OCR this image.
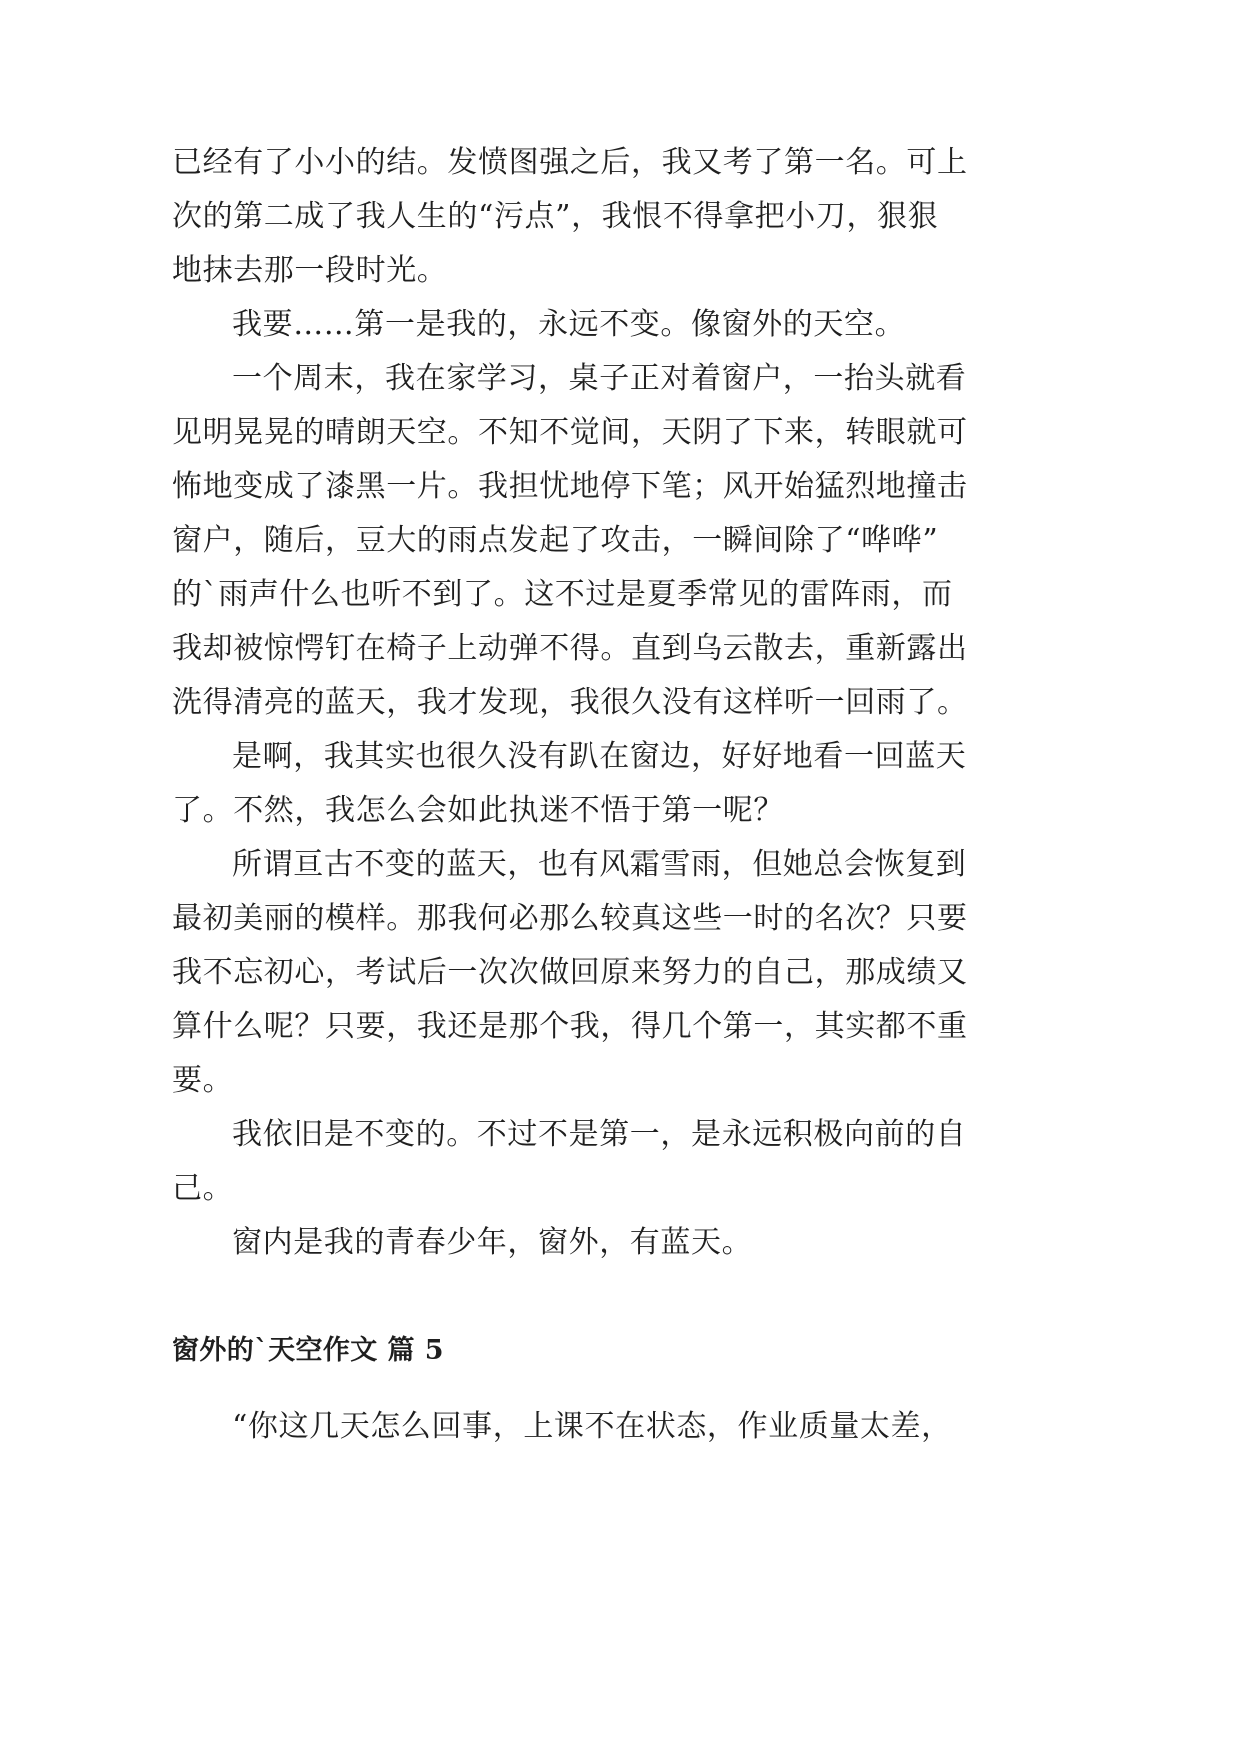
已经有了小小的结。发愤图强之后，我又考了第一名。可上
次的第二成了我人生的“污点”，我恨不得拿把小刀，狠狠
地抹去那一段时光。
我要……第一是我的，永远不变。像窗外的天空。
一个周末，我在家学习，桌子正对着窗户，一抬头就看
见明晃晃的晴朗天空。不知不觉间，天阴了下来，转眼就可
怖地变成了漆黑一片。我担忧地停下笔；风开始猛烈地撞击
窗户，随后，豆大的雨点发起了攻击，一瞬间除了“哗哗”
的`雨声什么也听不到了。这不过是夏季常见的雷阵雨，而
我却被惊愕钉在椅子上动弹不得。直到乌云散去，重新露出
洗得清亮的蓝天，我才发现，我很久没有这样听一回雨了。
是啊，我其实也很久没有趴在窗边，好好地看一回蓝天
了。不然，我怎么会如此执迷不悟于第一呢？
所谓亘古不变的蓝天，也有风霜雪雨，但她总会恢复到
最初美丽的模样。那我何必那么较真这些一时的名次？只要
我不忘初心，考试后一次次做回原来努力的自己，那成绩又
算什么呢？只要，我还是那个我，得几个第一，其实都不重
要。
我依旧是不变的。不过不是第一，是永远积极向前的自
己。
窗内是我的青春少年，窗外，有蓝天。
窗外的`天空作文 篇 5
“你这几天怎么回事，上课不在状态，作业质量太差，
